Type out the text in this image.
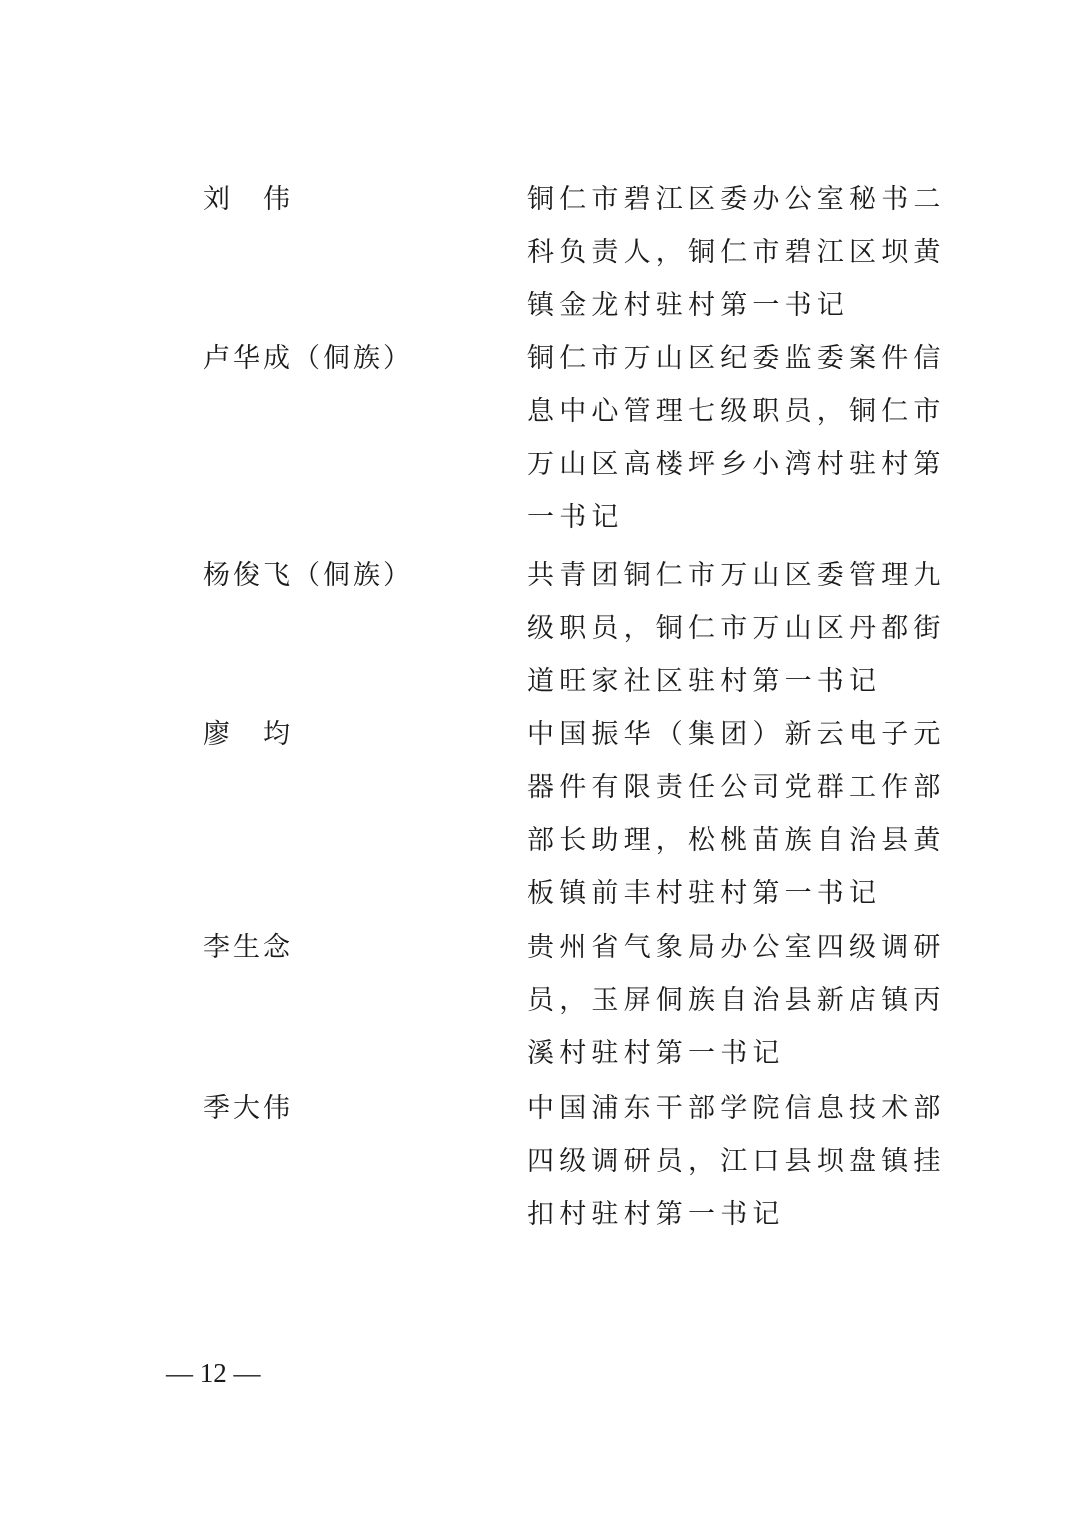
刘　伟	铜仁市碧江区委办公室秘书二
科负责人，铜仁市碧江区坝黄
镇金龙村驻村第一书记
卢华成（侗族）	铜仁市万山区纪委监委案件信
息中心管理七级职员，铜仁市
万山区高楼坪乡小湾村驻村第
一书记
杨俊飞（侗族）	共青团铜仁市万山区委管理九
级职员，铜仁市万山区丹都街
道旺家社区驻村第一书记
廖　均	中国振华（集团）新云电子元
器件有限责任公司党群工作部
部长助理，松桃苗族自治县黄
板镇前丰村驻村第一书记
李生念	贵州省气象局办公室四级调研
员，玉屏侗族自治县新店镇丙
溪村驻村第一书记
季大伟	中国浦东干部学院信息技术部
四级调研员，江口县坝盘镇挂
扣村驻村第一书记
— 12 —
